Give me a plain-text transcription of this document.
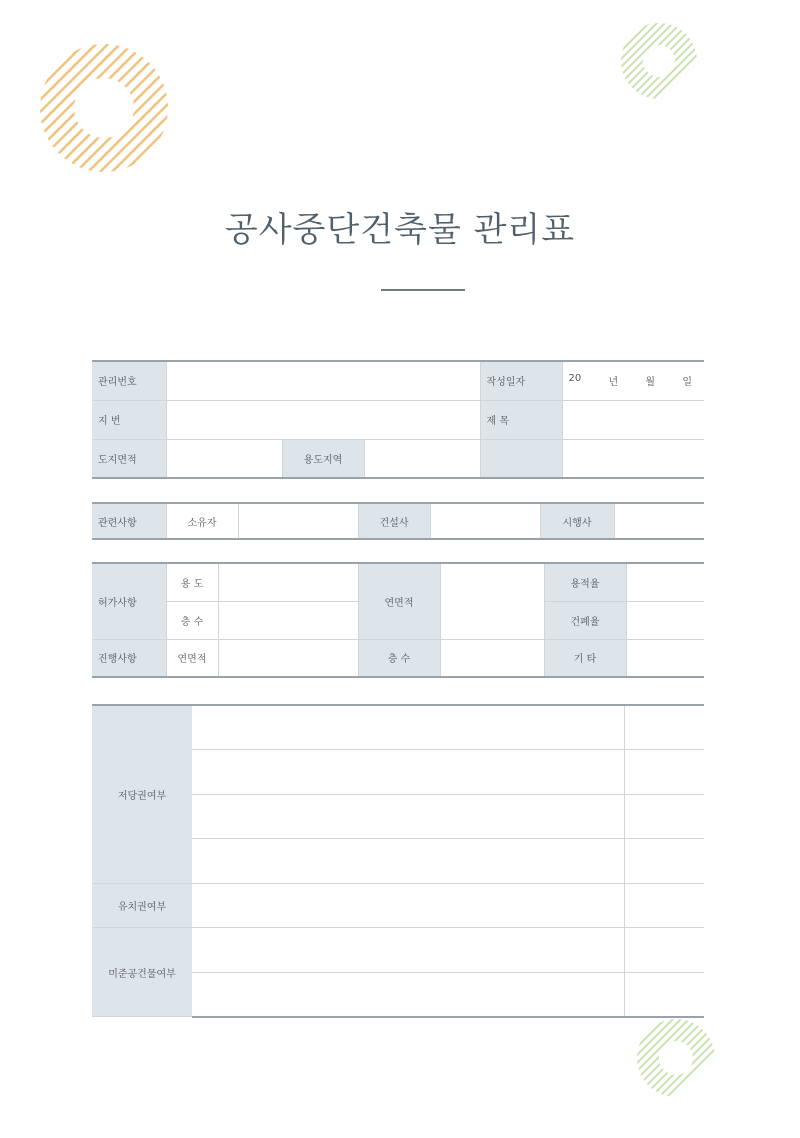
공사중단건축물 관리표
관리번호				작성일자	20 년 월 일

지 번				제 목	
도지면적		용도지역			
관련사항	소유자		건설사		시행사	
허가사항	용 도		연면적		용적율	
	층 수				건폐율	
진행사항	연면적		층 수		기 타	
저당권여부		

유치권여부		
미준공건물여부		
